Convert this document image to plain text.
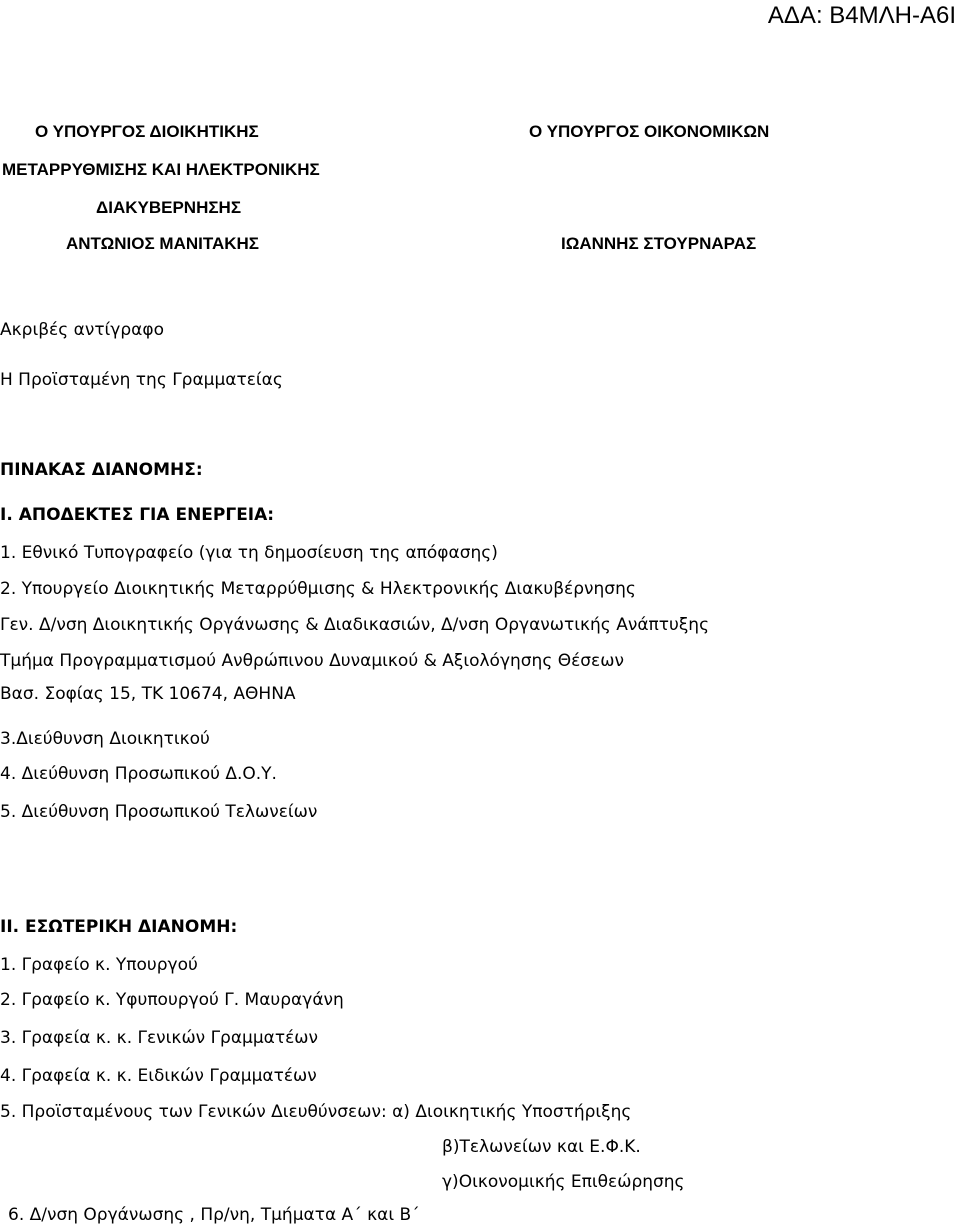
ΑΔΑ: Β4ΜΛΗ-Α6Ι
Ο ΥΠΟΥΡΓΟΣ ΔΙΟΙΚΗΤΙΚΗΣ
ΜΕΤΑΡΡΥΘΜΙΣΗΣ ΚΑΙ ΗΛΕΚΤΡΟΝΙΚΗΣ
ΔΙΑΚΥΒΕΡΝΗΣΗΣ
ΑΝΤΩΝΙΟΣ ΜΑΝΙΤΑΚΗΣ
Ο ΥΠΟΥΡΓΟΣ ΟΙΚΟΝΟΜΙΚΩΝ
ΙΩΑΝΝΗΣ ΣΤΟΥΡΝΑΡΑΣ
Ακριβές αντίγραφο
Η Προϊσταμένη της Γραμματείας
ΠΙΝΑΚΑΣ ΔΙΑΝΟΜΗΣ:
Ι. ΑΠΟΔΕΚΤΕΣ ΓΙΑ ΕΝΕΡΓΕΙΑ:
1. Εθνικό Τυπογραφείο (για τη δημοσίευση της απόφασης)
2. Υπουργείο Διοικητικής Μεταρρύθμισης & Ηλεκτρονικής Διακυβέρνησης
Γεν. Δ/νση Διοικητικής Οργάνωσης & Διαδικασιών, Δ/νση Οργανωτικής Ανάπτυξης
Τμήμα Προγραμματισμού Ανθρώπινου Δυναμικού & Αξιολόγησης Θέσεων
Βασ. Σοφίας 15, ΤΚ 10674, ΑΘΗΝΑ
3.Διεύθυνση Διοικητικού
4. Διεύθυνση Προσωπικού Δ.Ο.Υ.
5. Διεύθυνση Προσωπικού Τελωνείων
ΙΙ. ΕΣΩΤΕΡΙΚΗ ΔΙΑΝΟΜΗ:
1. Γραφείο κ. Υπουργού
2. Γραφείο κ. Υφυπουργού Γ. Μαυραγάνη
3. Γραφεία κ. κ. Γενικών Γραμματέων
4. Γραφεία κ. κ. Ειδικών Γραμματέων
5. Προϊσταμένους των Γενικών Διευθύνσεων: α) Διοικητικής Υποστήριξης
β)Τελωνείων και Ε.Φ.Κ.
γ)Οικονομικής Επιθεώρησης
6. Δ/νση Οργάνωσης , Πρ/νη, Τμήματα Α΄ και Β΄
